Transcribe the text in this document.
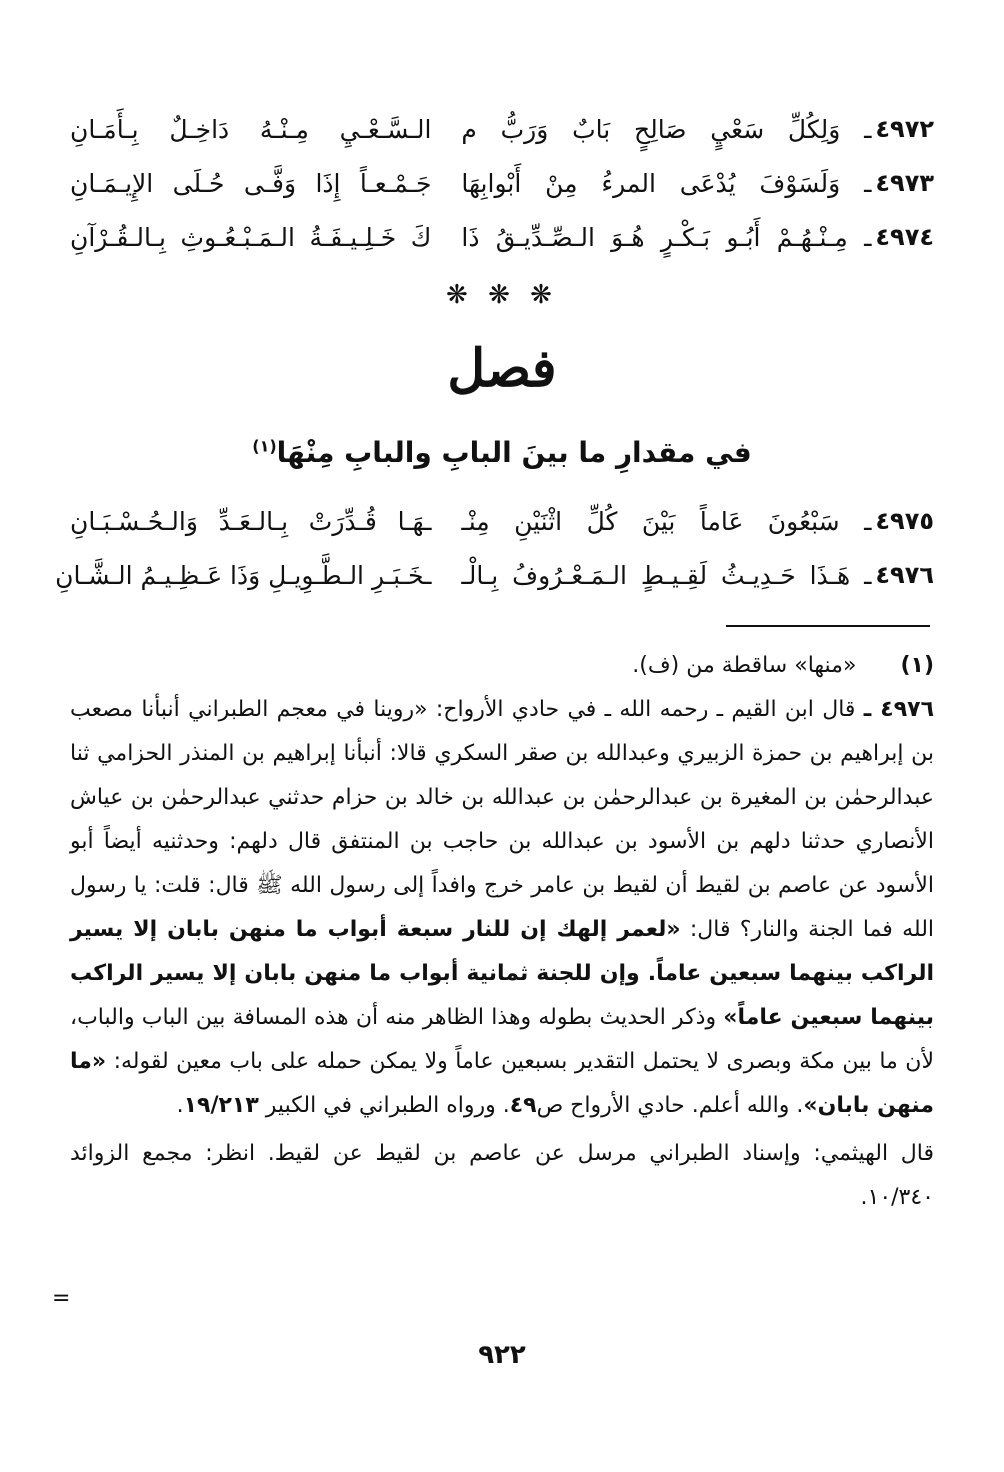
٤٩٧٢
ـ وَلِكُلِّ سَعْيٍ صَالِحٍ بَابٌ وَرَبُّ م
الـسَّـعْـيِ مِـنْـهُ دَاخِـلٌ بِـأَمَـانِ
٤٩٧٣
ـ وَلَسَوْفَ يُدْعَى المرءُ مِنْ أَبْوابِهَا
جَـمْـعـاً إِذَا وَفَّـى حُـلَى الإِيـمَـانِ
٤٩٧٤
ـ مِـنْـهُـمْ أَبُـو بَـكْـرٍ هُـوَ الـصِّـدِّيـقُ ذَا
كَ خَـلِـيـفَـةُ الـمَـبْـعُـوثِ بِـالـقُـرْآنِ
❋ ❋ ❋
فصل
في مقدارِ ما بينَ البابِ والبابِ مِنْهَا$^{(١)}$
٤٩٧٥
ـ سَبْعُونَ عَاماً بَيْنَ كُلِّ اثْنَيْنِ مِنْـ
ـهَـا قُـدِّرَتْ بِـالـعَـدِّ وَالـحُـسْـبَـانِ
٤٩٧٦
ـ هَـذَا حَـدِيـثُ لَقِـيـطٍ الـمَـعْـرُوفُ بِـالْـ
ـخَـبَـرِ الـطَّـوِيـلِ وَذَا عَـظِـيـمُ الـشَّـانِ
(١)  «منها» ساقطة من (ف).
٤٩٧٦ ـ قال ابن القيم ـ رحمه الله ـ في حادي الأرواح: «روينا في معجم الطبراني أنبأنا مصعب بن إبراهيم بن حمزة الزبيري وعبدالله بن صقر السكري قالا: أنبأنا إبراهيم بن المنذر الحزامي ثنا عبدالرحمٰن بن المغيرة بن عبدالرحمٰن بن عبدالله بن خالد بن حزام حدثني عبدالرحمٰن بن عياش الأنصاري حدثنا دلهم بن الأسود بن عبدالله بن حاجب بن المنتفق قال دلهم: وحدثنيه أيضاً أبو الأسود عن عاصم بن لقيط أن لقيط بن عامر خرج وافداً إلى رسول الله ﷺ قال: قلت: يا رسول الله فما الجنة والنار؟ قال: «لعمر إلهك إن للنار سبعة أبواب ما منهن بابان إلا يسير الراكب بينهما سبعين عاماً. وإن للجنة ثمانية أبواب ما منهن بابان إلا يسير الراكب بينهما سبعين عاماً» وذكر الحديث بطوله وهذا الظاهر منه أن هذه المسافة بين الباب والباب، لأن ما بين مكة وبصرى لا يحتمل التقدير بسبعين عاماً ولا يمكن حمله على باب معين لقوله: «ما منهن بابان». والله أعلم. حادي الأرواح ص٤٩. ورواه الطبراني في الكبير ١٩/٢١٣.
قال الهيثمي: وإسناد الطبراني مرسل عن عاصم بن لقيط عن لقيط. انظر: مجمع الزوائد ١٠/٣٤٠.
=
٩٢٢
